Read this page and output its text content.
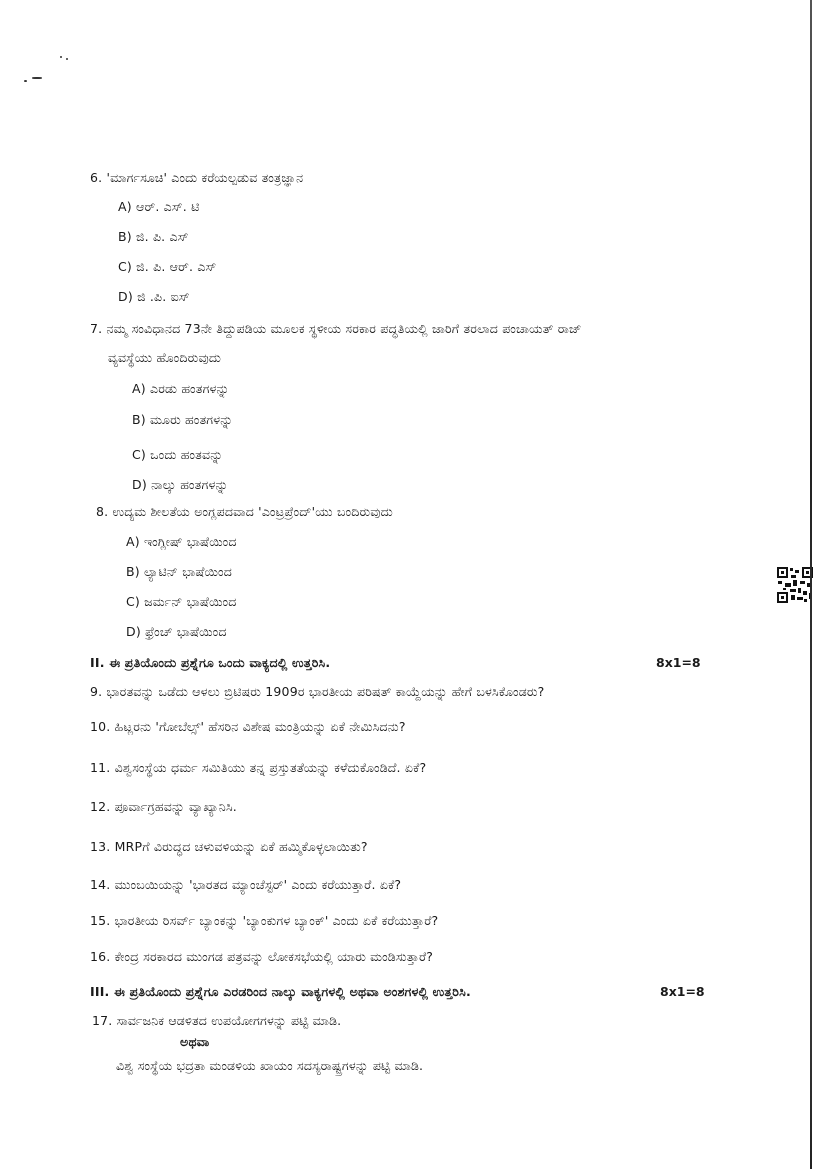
6. 'ಮಾರ್ಗಸೂಚಿ' ಎಂದು ಕರೆಯಲ್ಪಡುವ ತಂತ್ರಜ್ಞಾನ
A) ಆರ್. ಎಸ್. ಟಿ
B) ಜಿ. ಪಿ. ಎಸ್
C) ಜಿ. ಪಿ. ಆರ್. ಎಸ್
D) ಜಿ .ಪಿ. ಐಸ್
7. ನಮ್ಮ ಸಂವಿಧಾನದ 73ನೇ ತಿದ್ದುಪಡಿಯ ಮೂಲಕ ಸ್ಥಳೀಯ ಸರಕಾರ ಪದ್ಧತಿಯಲ್ಲಿ ಜಾರಿಗೆ ತರಲಾದ ಪಂಚಾಯತ್ ರಾಜ್
ವ್ಯವಸ್ಥೆಯು ಹೊಂದಿರುವುದು
A) ಎರಡು ಹಂತಗಳನ್ನು
B) ಮೂರು ಹಂತಗಳನ್ನು
C) ಒಂದು ಹಂತವನ್ನು
D) ನಾಲ್ಕು ಹಂತಗಳನ್ನು
8. ಉದ್ಯಮ ಶೀಲತೆಯ ಅಂಗ್ಲಪದವಾದ 'ಎಂಟ್ರಪ್ರೆಂದ್'ಯು ಬಂದಿರುವುದು
A) ಇಂಗ್ಲೀಷ್ ಭಾಷೆಯಿಂದ
B) ಲ್ಯಾಟಿನ್ ಭಾಷೆಯಿಂದ
C) ಜರ್ಮನ್ ಭಾಷೆಯಿಂದ
D) ಫ್ರೆಂಚ್ ಭಾಷೆಯಿಂದ
II. ಈ ಪ್ರತಿಯೊಂದು ಪ್ರಶ್ನೆಗೂ ಒಂದು ವಾಕ್ಯದಲ್ಲಿ ಉತ್ತರಿಸಿ.	8x1=8
9. ಭಾರತವನ್ನು ಒಡೆದು ಆಳಲು ಬ್ರಿಟಿಷರು 1909ರ ಭಾರತೀಯ ಪರಿಷತ್ ಕಾಯ್ದೆಯನ್ನು ಹೇಗೆ ಬಳಸಿಕೊಂಡರು?
10. ಹಿಟ್ಲರನು 'ಗೋಬೆಲ್ಸ್' ಹೆಸರಿನ ವಿಶೇಷ ಮಂತ್ರಿಯನ್ನು ಏಕೆ ನೇಮಿಸಿದನು?
11. ವಿಶ್ವಸಂಸ್ಥೆಯ ಧರ್ಮ ಸಮಿತಿಯು ತನ್ನ ಪ್ರಸ್ತುತತೆಯನ್ನು ಕಳೆದುಕೊಂಡಿದೆ. ಏಕೆ?
12. ಪೂರ್ವಾಗ್ರಹವನ್ನು ವ್ಯಾಖ್ಯಾನಿಸಿ.
13. MRPಗೆ ವಿರುದ್ಧದ ಚಳುವಳಿಯನ್ನು ಏಕೆ ಹಮ್ಮಿಕೊಳ್ಳಲಾಯಿತು?
14. ಮುಂಬಯಿಯನ್ನು 'ಭಾರತದ ಮ್ಯಾಂಚೆಸ್ಟರ್' ಎಂದು ಕರೆಯುತ್ತಾರೆ. ಏಕೆ?
15. ಭಾರತೀಯ ರಿಸರ್ವ್ ಬ್ಯಾಂಕನ್ನು 'ಬ್ಯಾಂಕುಗಳ ಬ್ಯಾಂಕ್' ಎಂದು ಏಕೆ ಕರೆಯುತ್ತಾರೆ?
16. ಕೇಂದ್ರ ಸರಕಾರದ ಮುಂಗಡ ಪತ್ರವನ್ನು ಲೋಕಸಭೆಯಲ್ಲಿ ಯಾರು ಮಂಡಿಸುತ್ತಾರೆ?
III. ಈ ಪ್ರತಿಯೊಂದು ಪ್ರಶ್ನೆಗೂ ಎರಡರಿಂದ ನಾಲ್ಕು ವಾಕ್ಯಗಳಲ್ಲಿ ಅಥವಾ ಅಂಶಗಳಲ್ಲಿ ಉತ್ತರಿಸಿ.	8x1=8
17. ಸಾರ್ವಜನಿಕ ಆಡಳಿತದ ಉಪಯೋಗಗಳನ್ನು ಪಟ್ಟಿ ಮಾಡಿ.
ಅಥವಾ
ವಿಶ್ವ ಸಂಸ್ಥೆಯ ಭದ್ರತಾ ಮಂಡಳಿಯ ಖಾಯಂ ಸದಸ್ಯರಾಷ್ಟ್ರಗಳನ್ನು ಪಟ್ಟಿ ಮಾಡಿ.
